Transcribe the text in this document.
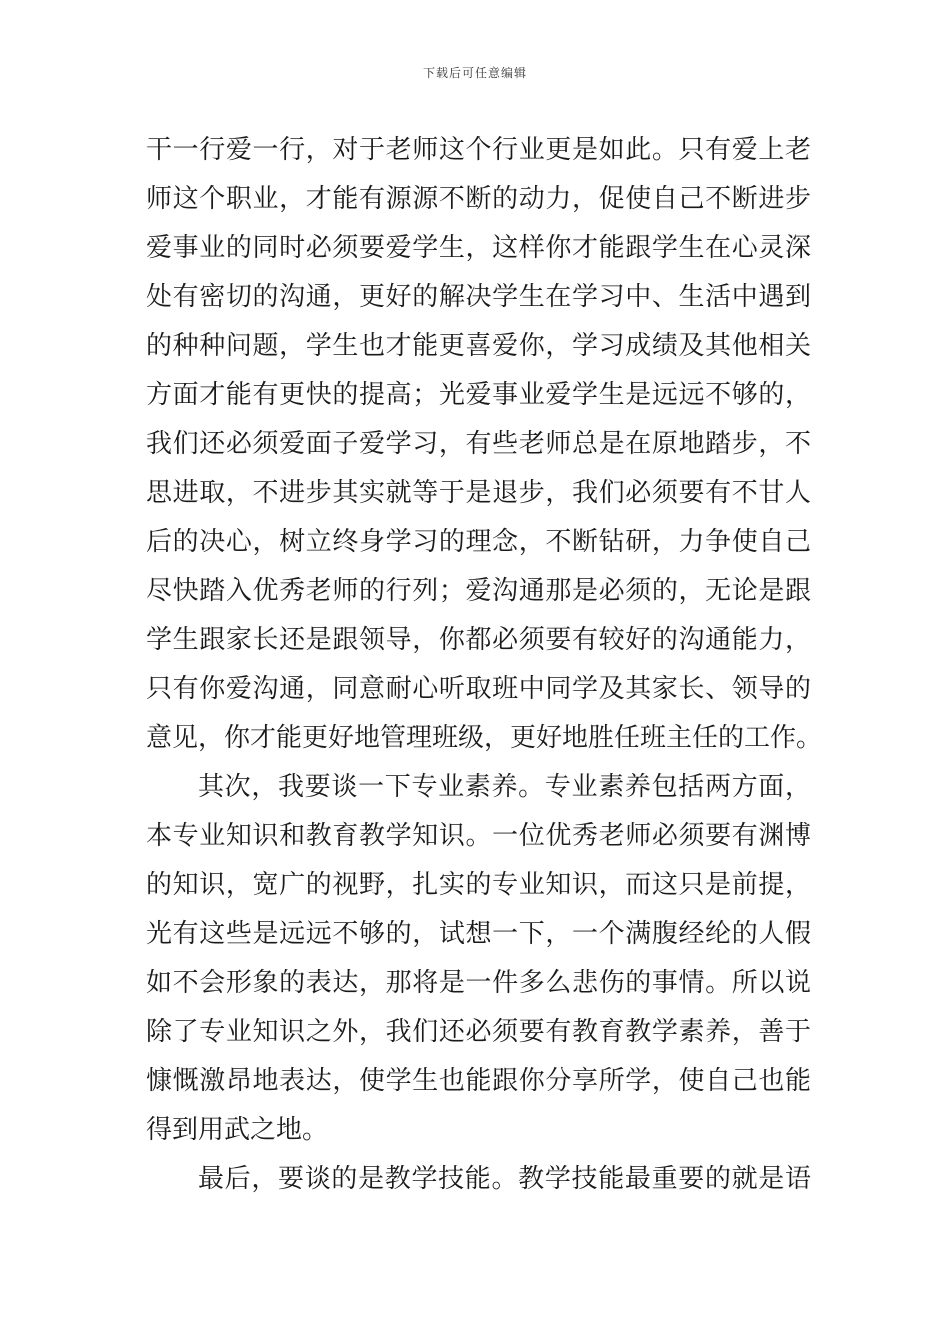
下载后可任意编辑
干一行爱一行，对于老师这个行业更是如此。只有爱上老
师这个职业，才能有源源不断的动力，促使自己不断进步
爱事业的同时必须要爱学生，这样你才能跟学生在心灵深
处有密切的沟通，更好的解决学生在学习中、生活中遇到
的种种问题，学生也才能更喜爱你，学习成绩及其他相关
方面才能有更快的提高；光爱事业爱学生是远远不够的，
我们还必须爱面子爱学习，有些老师总是在原地踏步，不
思进取，不进步其实就等于是退步，我们必须要有不甘人
后的决心，树立终身学习的理念，不断钻研，力争使自己
尽快踏入优秀老师的行列；爱沟通那是必须的，无论是跟
学生跟家长还是跟领导，你都必须要有较好的沟通能力，
只有你爱沟通，同意耐心听取班中同学及其家长、领导的
意见，你才能更好地管理班级，更好地胜任班主任的工作。
其次，我要谈一下专业素养。专业素养包括两方面，
本专业知识和教育教学知识。一位优秀老师必须要有渊博
的知识，宽广的视野，扎实的专业知识，而这只是前提，
光有这些是远远不够的，试想一下，一个满腹经纶的人假
如不会形象的表达，那将是一件多么悲伤的事情。所以说
除了专业知识之外，我们还必须要有教育教学素养，善于
慷慨激昂地表达，使学生也能跟你分享所学，使自己也能
得到用武之地。
最后，要谈的是教学技能。教学技能最重要的就是语
